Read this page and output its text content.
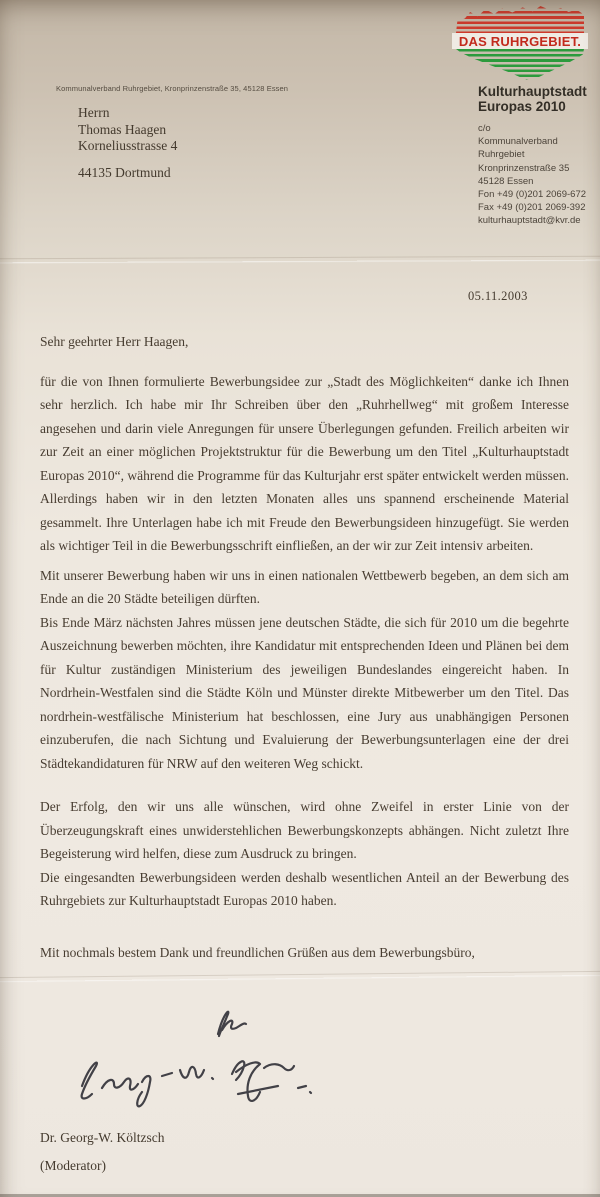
DAS RUHRGEBIET.
Kulturhauptstadt
Europas 2010
c/o
Kommunalverband
Ruhrgebiet
Kronprinzenstraße 35
45128 Essen
Fon +49 (0)201 2069-672
Fax +49 (0)201 2069-392
kulturhauptstadt@kvr.de
Kommunalverband Ruhrgebiet, Kronprinzenstraße 35, 45128 Essen
Herrn
Thomas Haagen
Korneliusstrasse 4
44135 Dortmund
05.11.2003

Sehr geehrter Herr Haagen,

für die von Ihnen formulierte Bewerbungsidee zur „Stadt des Möglichkeiten“ danke ich Ihnen sehr herzlich. Ich habe mir Ihr Schreiben über den „Ruhrhellweg“ mit großem Interesse angesehen und darin viele Anregungen für unsere Überlegungen gefunden. Freilich arbeiten wir zur Zeit an einer möglichen Projektstruktur für die Bewerbung um den Titel „Kulturhauptstadt Europas 2010“, während die Programme für das Kulturjahr erst später entwickelt werden müssen. Allerdings haben wir in den letzten Monaten alles uns spannend erscheinende Material gesammelt. Ihre Unterlagen habe ich mit Freude den Bewerbungsideen hinzugefügt. Sie werden als wichtiger Teil in die Bewerbungsschrift einfließen, an der wir zur Zeit intensiv arbeiten.

Mit unserer Bewerbung haben wir uns in einen nationalen Wettbewerb begeben, an dem sich am Ende an die 20 Städte beteiligen dürften.

Bis Ende März nächsten Jahres müssen jene deutschen Städte, die sich für 2010 um die begehrte Auszeichnung bewerben möchten, ihre Kandidatur mit entsprechenden Ideen und Plänen bei dem für Kultur zuständigen Ministerium des jeweiligen Bundeslandes eingereicht haben. In Nordrhein-Westfalen sind die Städte Köln und Münster direkte Mitbewerber um den Titel. Das nordrhein-westfälische Ministerium hat beschlossen, eine Jury aus unabhängigen Personen einzuberufen, die nach Sichtung und Evaluierung der Bewerbungsunterlagen eine der drei Städtekandidaturen für NRW auf den weiteren Weg schickt.

Der Erfolg, den wir uns alle wünschen, wird ohne Zweifel in erster Linie von der Überzeugungskraft eines unwiderstehlichen Bewerbungskonzepts abhängen. Nicht zuletzt Ihre Begeisterung wird helfen, diese zum Ausdruck zu bringen.

Die eingesandten Bewerbungsideen werden deshalb wesentlichen Anteil an der Bewerbung des Ruhrgebiets zur Kulturhauptstadt Europas 2010 haben.

Mit nochmals bestem Dank und freundlichen Grüßen aus dem Bewerbungsbüro,

Dr. Georg-W. Költzsch
(Moderator)
